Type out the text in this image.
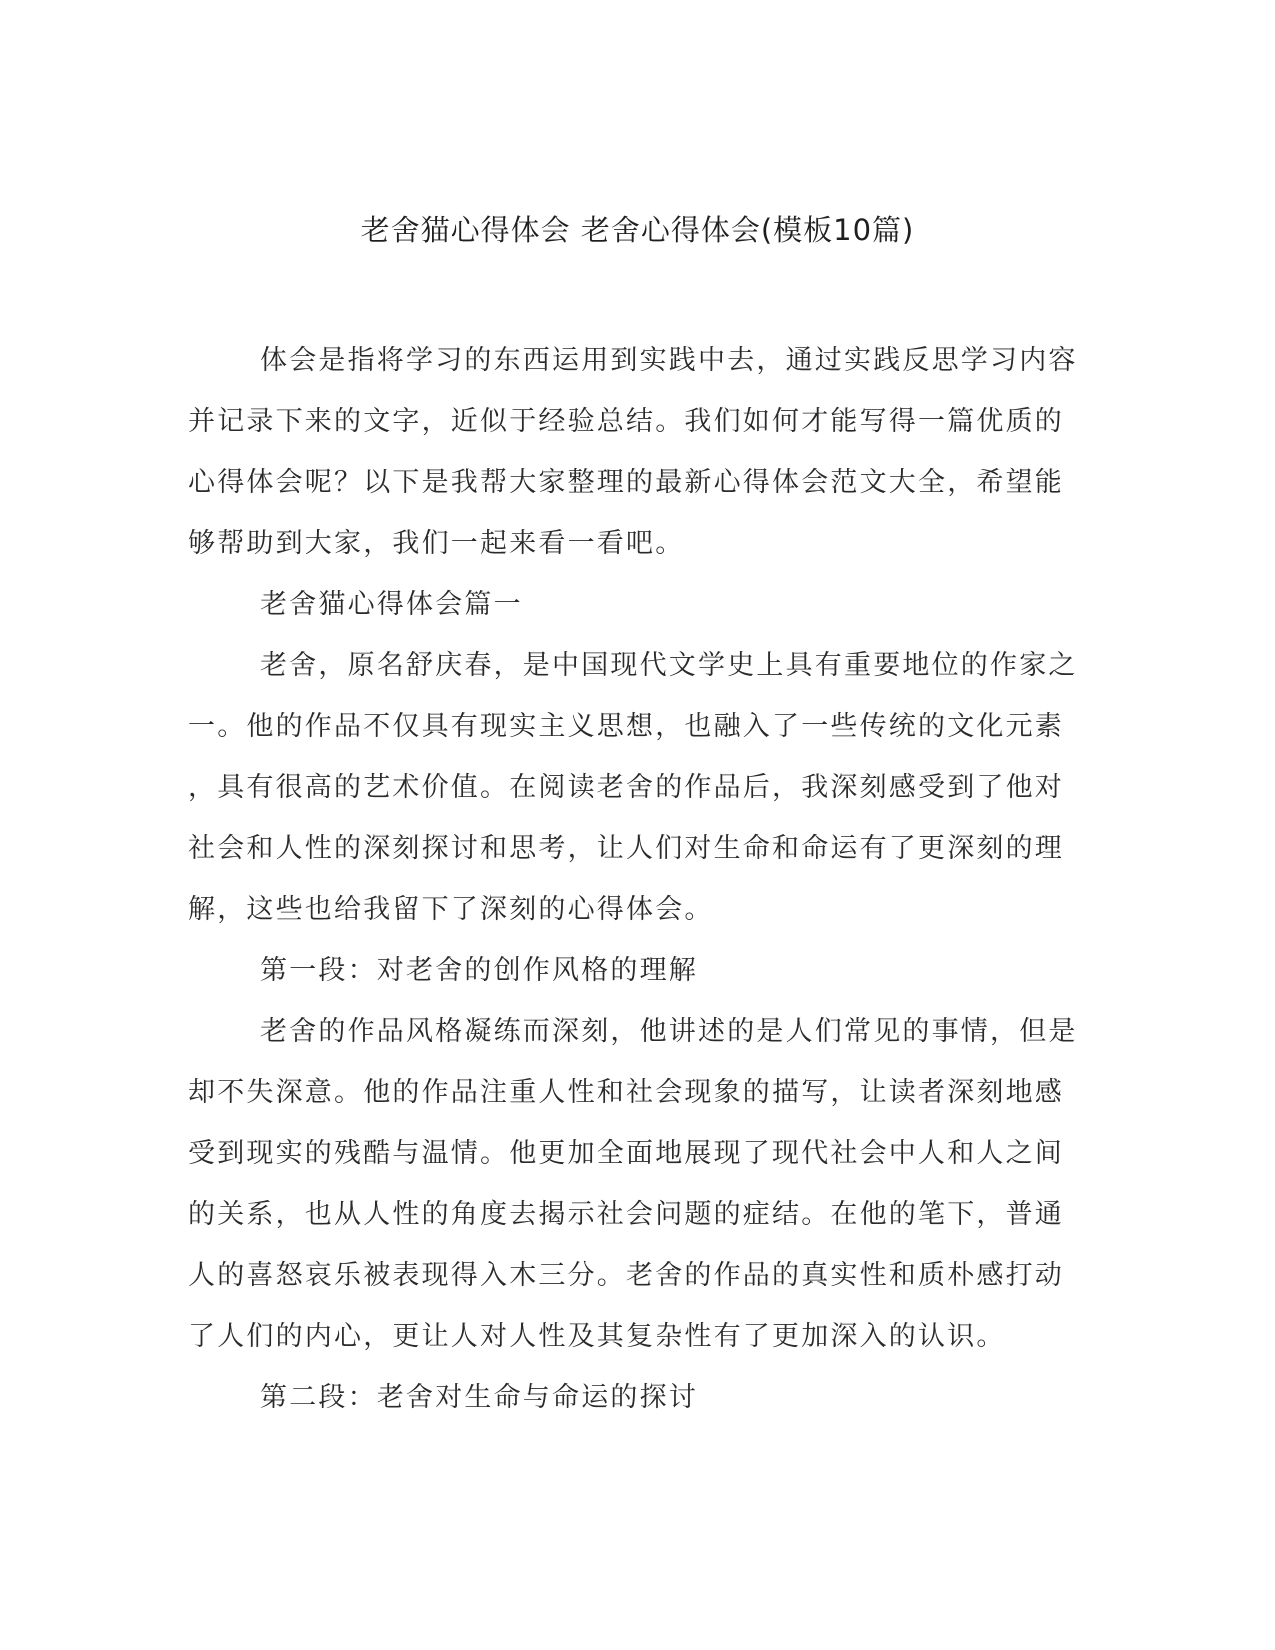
老舍猫心得体会 老舍心得体会(模板10篇)
体会是指将学习的东西运用到实践中去，通过实践反思学习内容
并记录下来的文字，近似于经验总结。我们如何才能写得一篇优质的
心得体会呢？以下是我帮大家整理的最新心得体会范文大全，希望能
够帮助到大家，我们一起来看一看吧。
老舍猫心得体会篇一
老舍，原名舒庆春，是中国现代文学史上具有重要地位的作家之
一。他的作品不仅具有现实主义思想，也融入了一些传统的文化元素
，具有很高的艺术价值。在阅读老舍的作品后，我深刻感受到了他对
社会和人性的深刻探讨和思考，让人们对生命和命运有了更深刻的理
解，这些也给我留下了深刻的心得体会。
第一段：对老舍的创作风格的理解
老舍的作品风格凝练而深刻，他讲述的是人们常见的事情，但是
却不失深意。他的作品注重人性和社会现象的描写，让读者深刻地感
受到现实的残酷与温情。他更加全面地展现了现代社会中人和人之间
的关系，也从人性的角度去揭示社会问题的症结。在他的笔下，普通
人的喜怒哀乐被表现得入木三分。老舍的作品的真实性和质朴感打动
了人们的内心，更让人对人性及其复杂性有了更加深入的认识。
第二段：老舍对生命与命运的探讨
